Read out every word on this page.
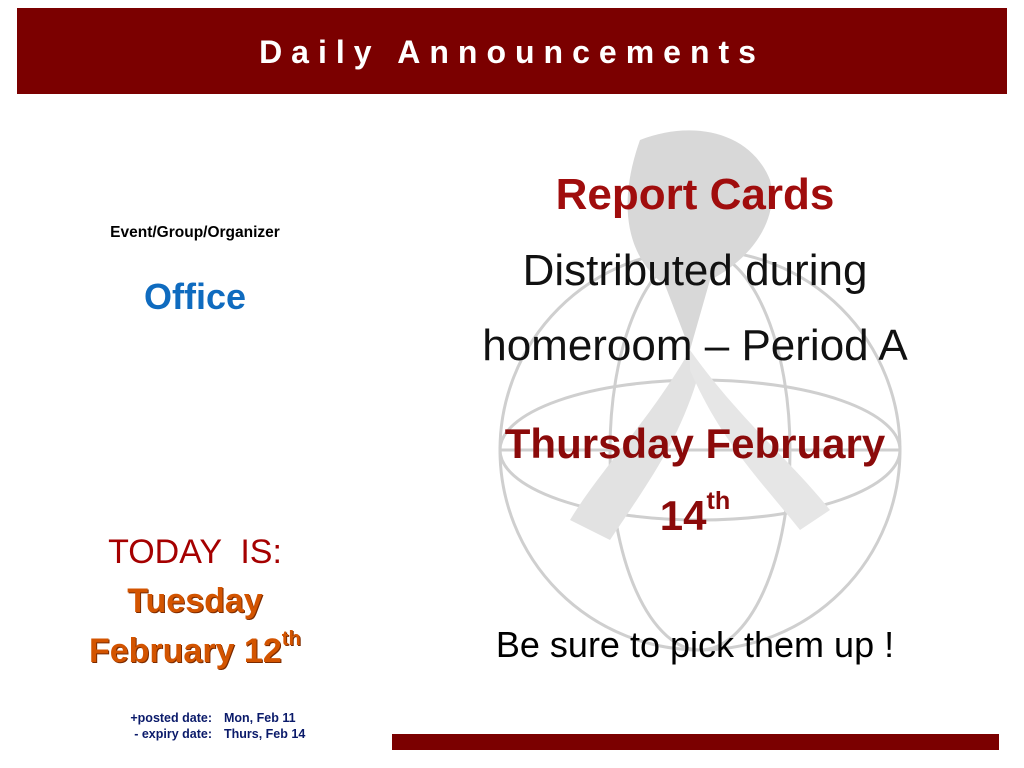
Daily Announcements
Event/Group/Organizer
Office
TODAY  IS:
Tuesday
February 12th
+posted date: Mon, Feb 11
- expiry date: Thurs, Feb 14
Report Cards
Distributed during
homeroom – Period A
Thursday February
14th
Be sure to pick them up !
